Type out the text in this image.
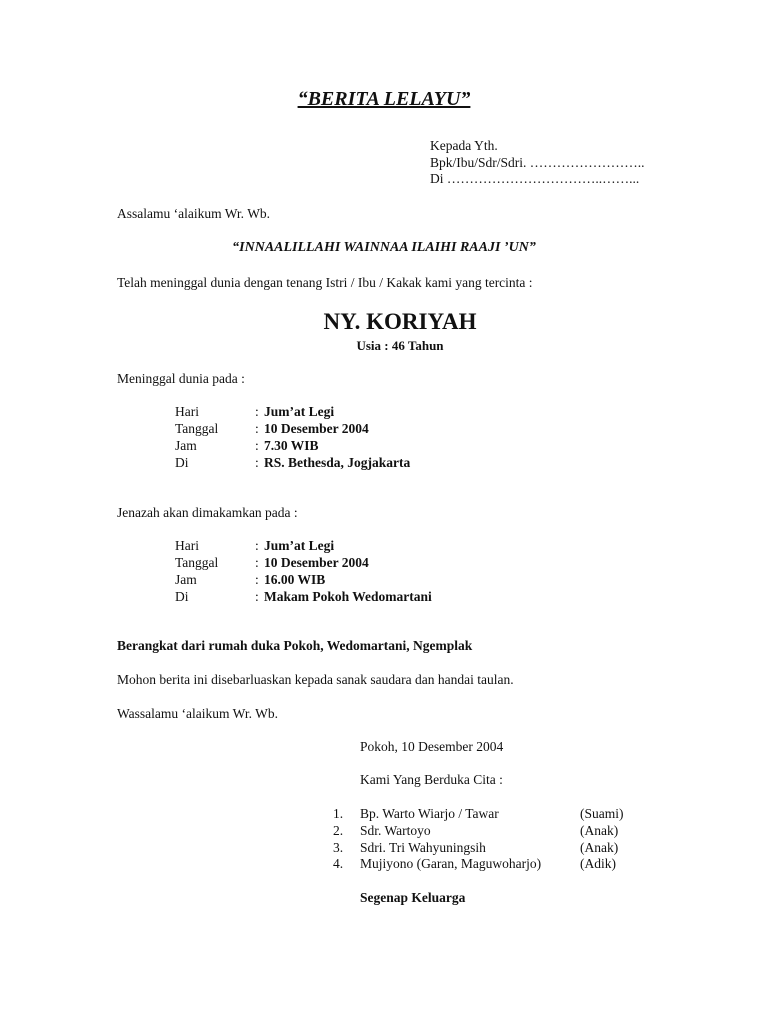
“BERITA LELAYU”
Kepada Yth.
Bpk/Ibu/Sdr/Sdri. ……………………..
Di ……………………………..……...
Assalamu ‘alaikum Wr. Wb.
“INNAALILLAHI WAINNAA ILAIHI RAAJI ’UN”
Telah meninggal dunia dengan tenang Istri / Ibu / Kakak kami yang tercinta :
NY. KORIYAH
Usia : 46 Tahun
Meninggal dunia pada :
Hari	: Jum’at Legi
Tanggal	: 10 Desember 2004
Jam	: 7.30 WIB
Di	: RS. Bethesda, Jogjakarta
Jenazah akan dimakamkan pada :
Hari	: Jum’at Legi
Tanggal	: 10 Desember 2004
Jam	: 16.00 WIB
Di	: Makam Pokoh Wedomartani
Berangkat dari rumah duka Pokoh, Wedomartani, Ngemplak
Mohon berita ini disebarluaskan kepada sanak saudara dan handai taulan.
Wassalamu ‘alaikum Wr. Wb.
Pokoh, 10 Desember 2004
Kami Yang Berduka Cita :
1.	Bp. Warto Wiarjo / Tawar	(Suami)
2.	Sdr. Wartoyo	(Anak)
3.	Sdri. Tri Wahyuningsih	(Anak)
4.	Mujiyono (Garan, Maguwoharjo)	(Adik)
Segenap Keluarga
